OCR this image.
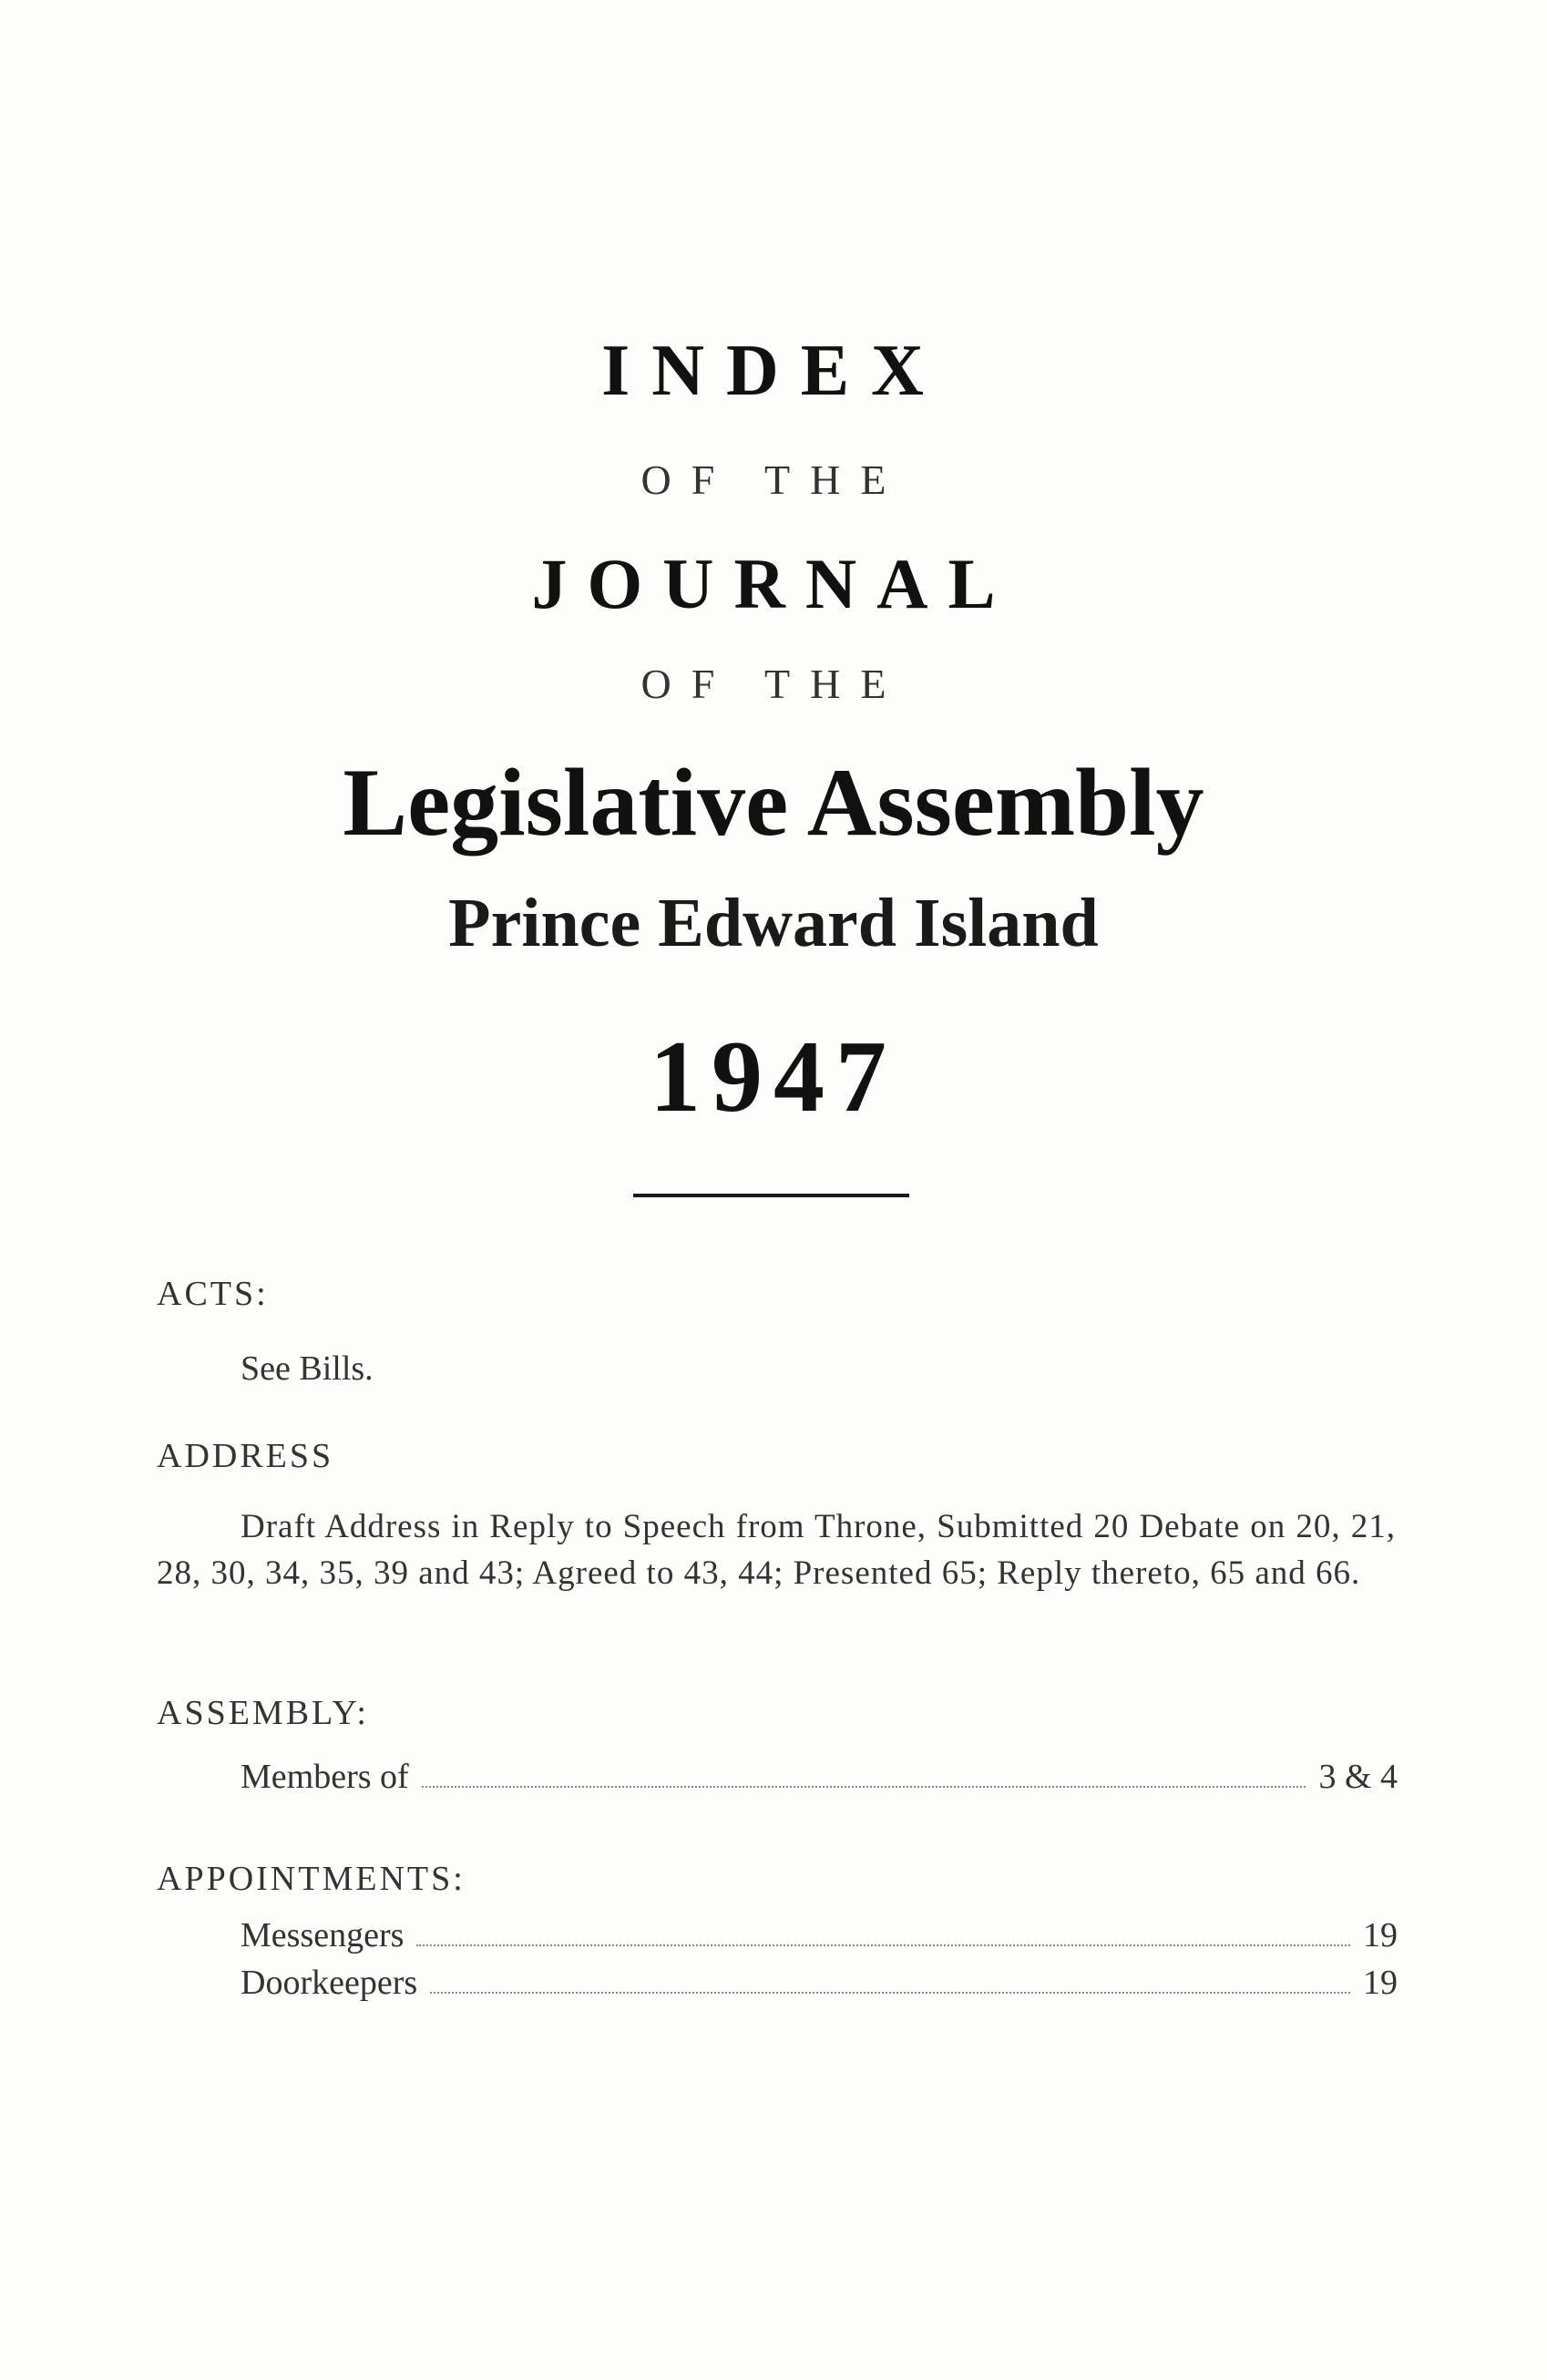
INDEX
OF THE
JOURNAL
OF THE
Legislative Assembly
Prince Edward Island
1947
ACTS:
See Bills.
ADDRESS
Draft Address in Reply to Speech from Throne, Submitted 20 Debate on 20, 21, 28, 30, 34, 35, 39 and 43; Agreed to 43, 44; Presented 65; Reply thereto, 65 and 66.
ASSEMBLY:
Members of	3 & 4
APPOINTMENTS:
Messengers	19
Doorkeepers	19
